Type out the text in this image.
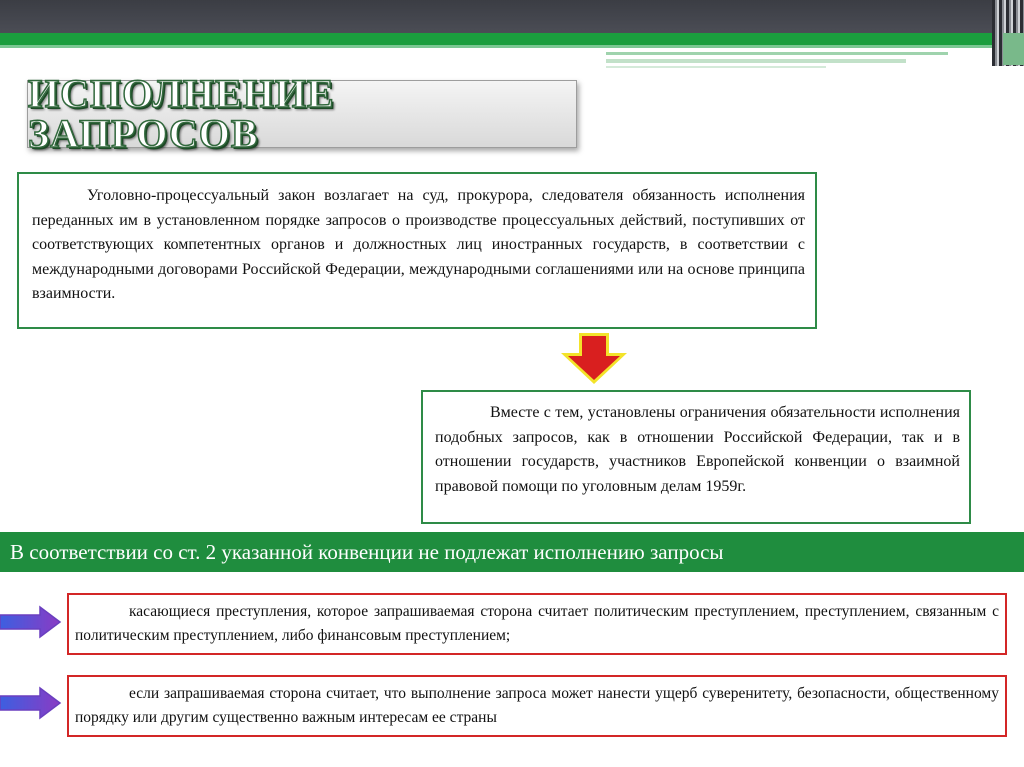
ИСПОЛНЕНИЕ ЗАПРОСОВ

Уголовно-процессуальный закон возлагает на суд, прокурора, следователя обязанность исполнения переданных им в установленном порядке запросов о производстве процессуальных действий, поступивших от соответствующих компетентных органов и должностных лиц иностранных государств, в соответствии с международными договорами Российской Федерации, международными соглашениями или на основе принципа взаимности.

Вместе с тем, установлены ограничения обязательности исполнения подобных запросов, как в отношении Российской Федерации, так и в отношении государств, участников Европейской конвенции о взаимной правовой помощи по уголовным делам 1959г.

В соответствии со ст. 2 указанной конвенции не подлежат исполнению запросы

касающиеся преступления, которое запрашиваемая сторона считает политическим преступлением, преступлением, связанным с политическим преступлением, либо финансовым преступлением;

если запрашиваемая сторона считает, что выполнение запроса может нанести ущерб суверенитету, безопасности, общественному порядку или другим существенно важным интересам ее страны
